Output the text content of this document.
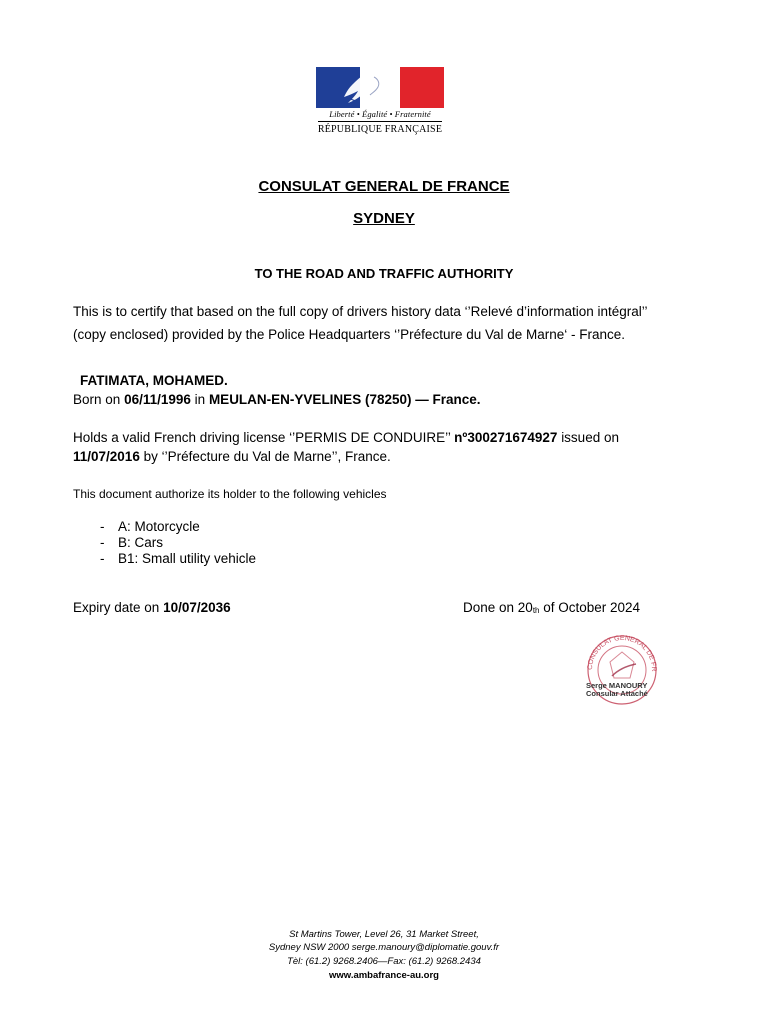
Liberté • Égalité • Fraternité
RÉPUBLIQUE FRANÇAISE
CONSULAT GENERAL DE FRANCE
SYDNEY
TO THE ROAD AND TRAFFIC AUTHORITY
This is to certify that based on the full copy of drivers history data ‘’Relevé d’information intégral’’
(copy enclosed) provided by the Police Headquarters ‘’Préfecture du Val de Marne‘ - France.
FATIMATA, MOHAMED.
Born on 06/11/1996 in MEULAN-EN-YVELINES (78250) — France.
Holds a valid French driving license ‘’PERMIS DE CONDUIRE’’ nº300271674927 issued on
11/07/2016 by ‘’Préfecture du Val de Marne’’, France.
This document authorize its holder to the following vehicles
- A: Motorcycle
- B: Cars
- B1: Small utility vehicle
Expiry date on 10/07/2036	Done on $20_{th}$ of October 2024
CONSULAT GENERAL DE FR
Serge MANOURY
Consular Attaché
St Martins Tower, Level 26, 31 Market Street,
Sydney NSW 2000 serge.manoury@diplomatie.gouv.fr
Tèl: (61.2) 9268.2406—Fax: (61.2) 9268.2434
www.ambafrance-au.org
